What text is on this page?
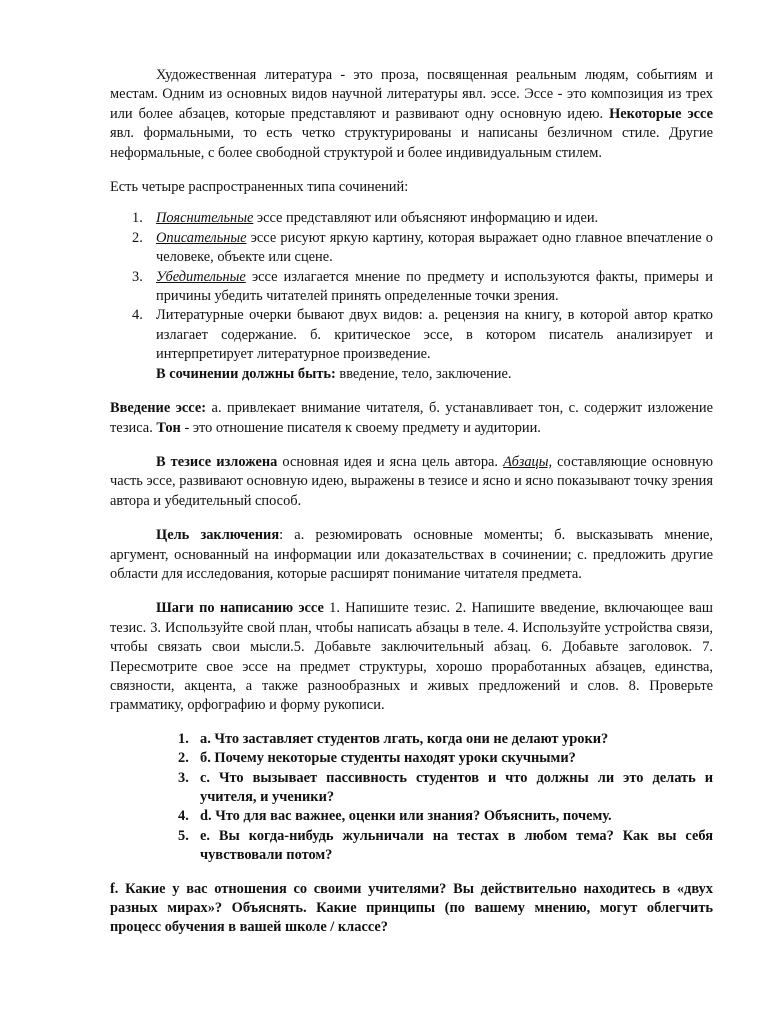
Художественная литература - это проза, посвященная реальным людям, событиям и местам. Одним из основных видов научной литературы явл. эссе. Эссе - это композиция из трех или более абзацев, которые представляют и развивают одну основную идею. Некоторые эссе явл. формальными, то есть четко структурированы и написаны безличном стиле. Другие неформальные, с более свободной структурой и более индивидуальным стилем.

Есть четыре распространенных типа сочинений:

1. Пояснительные эссе представляют или объясняют информацию и идеи.
2. Описательные эссе рисуют яркую картину, которая выражает одно главное впечатление о человеке, объекте или сцене.
3. Убедительные эссе излагается мнение по предмету и используются факты, примеры и причины убедить читателей принять определенные точки зрения.
4. Литературные очерки бывают двух видов: a. рецензия на книгу, в которой автор кратко излагает содержание. б. критическое эссе, в котором писатель анализирует и интерпретирует литературное произведение.

В сочинении должны быть: введение, тело, заключение.

Введение эссе: а. привлекает внимание читателя, б. устанавливает тон, c. содержит изложение тезиса. Тон - это отношение писателя к своему предмету и аудитории.

В тезисе изложена основная идея и ясна цель автора. Абзацы, составляющие основную часть эссе, развивают основную идею, выражены в тезисе и ясно и ясно показывают точку зрения автора и убедительный способ.

Цель заключения: а. резюмировать основные моменты; б. высказывать мнение, аргумент, основанный на информации или доказательствах в сочинении; c. предложить другие области для исследования, которые расширят понимание читателя предмета.

Шаги по написанию эссе 1. Напишите тезис. 2. Напишите введение, включающее ваш тезис. 3. Используйте свой план, чтобы написать абзацы в теле. 4. Используйте устройства связи, чтобы связать свои мысли.5. Добавьте заключительный абзац. 6. Добавьте заголовок. 7. Пересмотрите свое эссе на предмет структуры, хорошо проработанных абзацев, единства, связности, акцента, а также разнообразных и живых предложений и слов. 8. Проверьте грамматику, орфографию и форму рукописи.

1. a. Что заставляет студентов лгать, когда они не делают уроки?
2. б. Почему некоторые студенты находят уроки скучными?
3. c. Что вызывает пассивность студентов и что должны ли это делать и учителя, и ученики?
4. d. Что для вас важнее, оценки или знания? Объяснить, почему.
5. e. Вы когда-нибудь жульничали на тестах в любом тема? Как вы себя чувствовали потом?

f. Какие у вас отношения со своими учителями? Вы действительно находитесь в «двух разных мирах»? Объяснять. Какие принципы (по вашему мнению, могут облегчить процесс обучения в вашей школе / классе?
